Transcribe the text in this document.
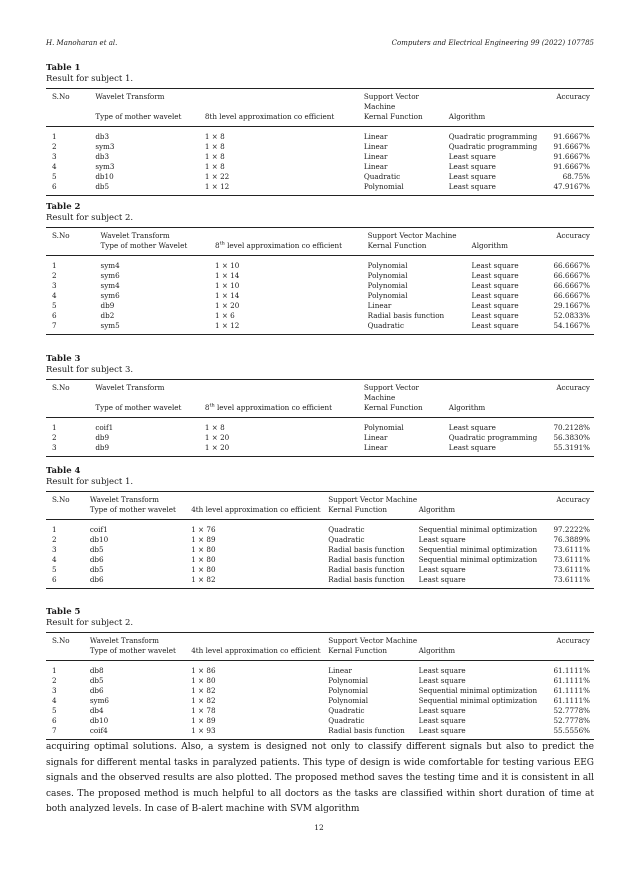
H. Manoharan et al.	Computers and Electrical Engineering 99 (2022) 107785
Table 1
Result for subject 1.
S.No	Wavelet Transform		Support Vector Machine		Accuracy
	Type of mother wavelet	8th level approximation co efficient	Kernal Function	Algorithm	
1	db3	1 × 8	Linear	Quadratic programming	91.6667%
2	sym3	1 × 8	Linear	Quadratic programming	91.6667%
3	db3	1 × 8	Linear	Least square	91.6667%
4	sym3	1 × 8	Linear	Least square	91.6667%
5	db10	1 × 22	Quadratic	Least square	68.75%
6	db5	1 × 12	Polynomial	Least square	47.9167%
Table 2
Result for subject 2.
S.No	Wavelet Transform		Support Vector Machine		Accuracy
	Type of mother Wavelet	8th level approximation co efficient	Kernal Function	Algorithm	
1	sym4	1 × 10	Polynomial	Least square	66.6667%
2	sym6	1 × 14	Polynomial	Least square	66.6667%
3	sym4	1 × 10	Polynomial	Least square	66.6667%
4	sym6	1 × 14	Polynomial	Least square	66.6667%
5	db9	1 × 20	Linear	Least square	29.1667%
6	db2	1 × 6	Radial basis function	Least square	52.0833%
7	sym5	1 × 12	Quadratic	Least square	54.1667%
Table 3
Result for subject 3.
S.No	Wavelet Transform		Support Vector Machine		Accuracy
	Type of mother wavelet	8th level approximation co efficient	Kernal Function	Algorithm	
1	coif1	1 × 8	Polynomial	Least square	70.2128%
2	db9	1 × 20	Linear	Quadratic programming	56.3830%
3	db9	1 × 20	Linear	Least square	55.3191%
Table 4
Result for subject 1.
S.No	Wavelet Transform		Support Vector Machine		Accuracy
	Type of mother wavelet	4th level approximation co efficient	Kernal Function	Algorithm	
1	coif1	1 × 76	Quadratic	Sequential minimal optimization	97.2222%
2	db10	1 × 89	Quadratic	Least square	76.3889%
3	db5	1 × 80	Radial basis function	Sequential minimal optimization	73.6111%
4	db6	1 × 80	Radial basis function	Sequential minimal optimization	73.6111%
5	db5	1 × 80	Radial basis function	Least square	73.6111%
6	db6	1 × 82	Radial basis function	Least square	73.6111%
Table 5
Result for subject 2.
S.No	Wavelet Transform		Support Vector Machine		Accuracy
	Type of mother wavelet	4th level approximation co efficient	Kernal Function	Algorithm	
1	db8	1 × 86	Linear	Least square	61.1111%
2	db5	1 × 80	Polynomial	Least square	61.1111%
3	db6	1 × 82	Polynomial	Sequential minimal optimization	61.1111%
4	sym6	1 × 82	Polynomial	Sequential minimal optimization	61.1111%
5	db4	1 × 78	Quadratic	Least square	52.7778%
6	db10	1 × 89	Quadratic	Least square	52.7778%
7	coif4	1 × 93	Radial basis function	Least square	55.5556%
acquiring optimal solutions. Also, a system is designed not only to classify different signals but also to predict the signals for different mental tasks in paralyzed patients. This type of design is wide comfortable for testing various EEG signals and the observed results are also plotted. The proposed method saves the testing time and it is consistent in all cases. The proposed method is much helpful to all doctors as the tasks are classified within short duration of time at both analyzed levels. In case of B-alert machine with SVM algorithm
12
